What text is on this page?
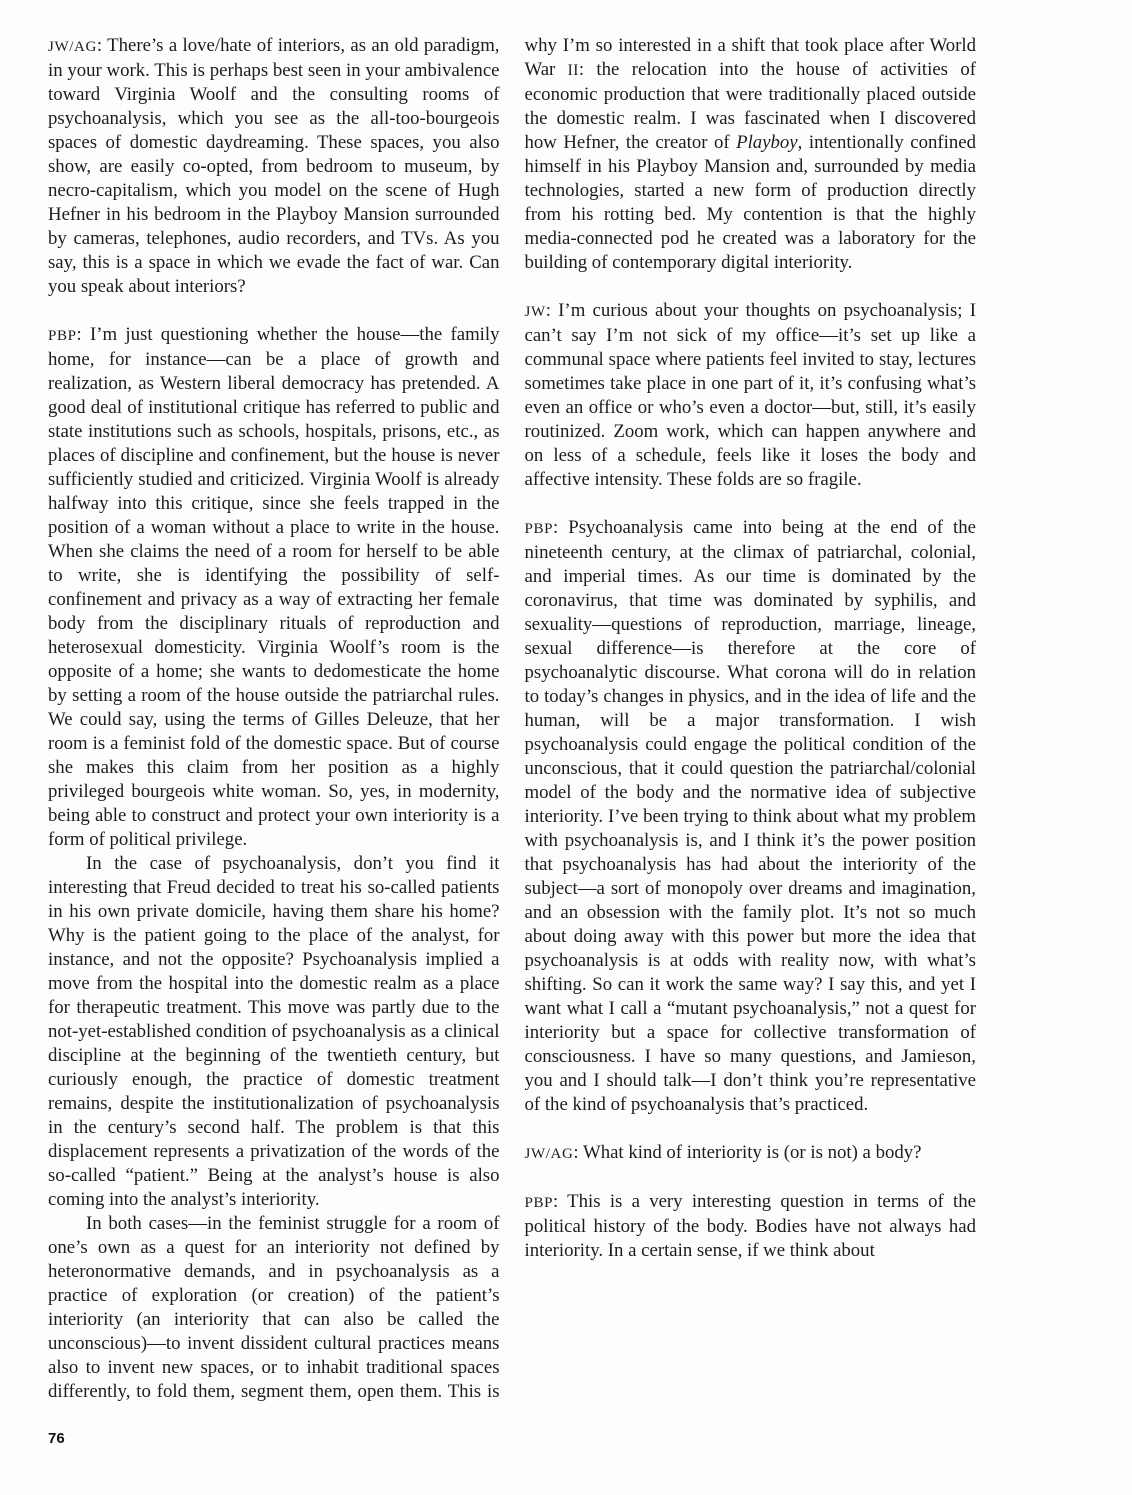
JW/AG: There’s a love/hate of interiors, as an old paradigm, in your work. This is perhaps best seen in your ambivalence toward Virginia Woolf and the consulting rooms of psychoanalysis, which you see as the all-too-bourgeois spaces of domestic daydreaming. These spaces, you also show, are easily co-opted, from bedroom to museum, by necro-capitalism, which you model on the scene of Hugh Hefner in his bedroom in the Playboy Mansion surrounded by cameras, telephones, audio recorders, and TVs. As you say, this is a space in which we evade the fact of war. Can you speak about interiors?

PBP: I’m just questioning whether the house—the family home, for instance—can be a place of growth and realization, as Western liberal democracy has pretended. A good deal of institutional critique has referred to public and state institutions such as schools, hospitals, prisons, etc., as places of discipline and confinement, but the house is never sufficiently studied and criticized. Virginia Woolf is already halfway into this critique, since she feels trapped in the position of a woman without a place to write in the house. When she claims the need of a room for herself to be able to write, she is identifying the possibility of self-confinement and privacy as a way of extracting her female body from the disciplinary rituals of reproduction and heterosexual domesticity. Virginia Woolf’s room is the opposite of a home; she wants to dedomesticate the home by setting a room of the house outside the patriarchal rules. We could say, using the terms of Gilles Deleuze, that her room is a feminist fold of the domestic space. But of course she makes this claim from her position as a highly privileged bourgeois white woman. So, yes, in modernity, being able to construct and protect your own interiority is a form of political privilege.

In the case of psychoanalysis, don’t you find it interesting that Freud decided to treat his so-called patients in his own private domicile, having them share his home? Why is the patient going to the place of the analyst, for instance, and not the opposite? Psychoanalysis implied a move from the hospital into the domestic realm as a place for therapeutic treatment. This move was partly due to the not-yet-established condition of psychoanalysis as a clinical discipline at the beginning of the twentieth century, but curiously enough, the practice of domestic treatment remains, despite the institutionalization of psychoanalysis in the century’s second half. The problem is that this displacement represents a privatization of the words of the so-called “patient.” Being at the analyst’s house is also coming into the analyst’s interiority.

In both cases—in the feminist struggle for a room of one’s own as a quest for an interiority not defined by heteronormative demands, and in psychoanalysis as a practice of exploration (or creation) of the patient’s interiority (an interiority that can also be called the unconscious)—to invent dissident cultural practices means also to invent new spaces, or to inhabit traditional spaces differently, to fold them, segment them, open them. This is why I’m so interested in a shift that took place after World War II: the relocation into the house of activities of economic production that were traditionally placed outside the domestic realm. I was fascinated when I discovered how Hefner, the creator of Playboy, intentionally confined himself in his Playboy Mansion and, surrounded by media technologies, started a new form of production directly from his rotting bed. My contention is that the highly media-connected pod he created was a laboratory for the building of contemporary digital interiority.

JW: I’m curious about your thoughts on psychoanalysis; I can’t say I’m not sick of my office—it’s set up like a communal space where patients feel invited to stay, lectures sometimes take place in one part of it, it’s confusing what’s even an office or who’s even a doctor—but, still, it’s easily routinized. Zoom work, which can happen anywhere and on less of a schedule, feels like it loses the body and affective intensity. These folds are so fragile.

PBP: Psychoanalysis came into being at the end of the nineteenth century, at the climax of patriarchal, colonial, and imperial times. As our time is dominated by the coronavirus, that time was dominated by syphilis, and sexuality—questions of reproduction, marriage, lineage, sexual difference—is therefore at the core of psychoanalytic discourse. What corona will do in relation to today’s changes in physics, and in the idea of life and the human, will be a major transformation. I wish psychoanalysis could engage the political condition of the unconscious, that it could question the patriarchal/colonial model of the body and the normative idea of subjective interiority. I’ve been trying to think about what my problem with psychoanalysis is, and I think it’s the power position that psychoanalysis has had about the interiority of the subject—a sort of monopoly over dreams and imagination, and an obsession with the family plot. It’s not so much about doing away with this power but more the idea that psychoanalysis is at odds with reality now, with what’s shifting. So can it work the same way? I say this, and yet I want what I call a “mutant psychoanalysis,” not a quest for interiority but a space for collective transformation of consciousness. I have so many questions, and Jamieson, you and I should talk—I don’t think you’re representative of the kind of psychoanalysis that’s practiced.

JW/AG: What kind of interiority is (or is not) a body?

PBP: This is a very interesting question in terms of the political history of the body. Bodies have not always had interiority. In a certain sense, if we think about

76
